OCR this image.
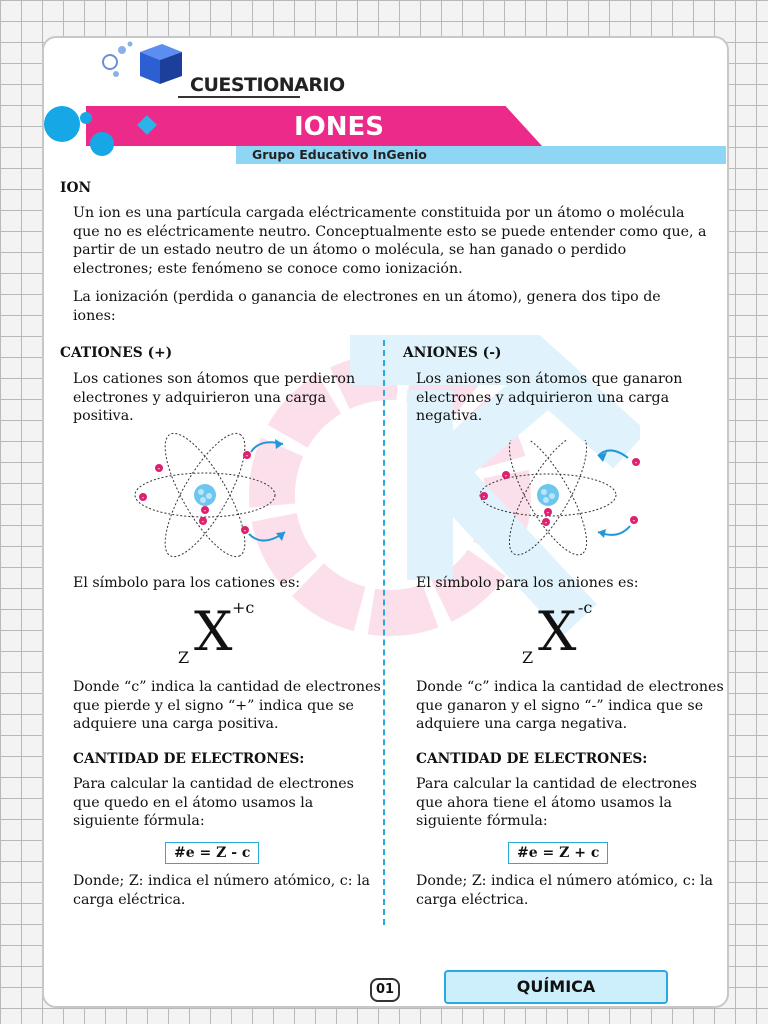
CUESTIONARIO
IONES
Grupo Educativo InGenio
ION
Un ion es una partícula cargada eléctricamente constituida por un átomo o molécula
que no es eléctricamente neutro. Conceptualmente esto se puede entender como que, a
partir de un estado neutro de un átomo o molécula, se han ganado o perdido
electrones; este fenómeno se conoce como ionización.
La ionización (perdida o ganancia de electrones en un átomo), genera dos tipo de
iones:
CATIONES (+)
Los cationes son átomos que perdieron
electrones y adquirieron una carga
positiva.
-
-
-
-
-
-
El símbolo para los cationes es:
Z X +c
Donde “c” indica la cantidad de electrones
que pierde y el signo “+” indica que se
adquiere una carga positiva.
CANTIDAD DE ELECTRONES:
Para calcular la cantidad de electrones
que quedo en el átomo usamos la
siguiente fórmula:
#e = Z - c
Donde; Z: indica el número atómico, c: la
carga eléctrica.
ANIONES (-)
Los aniones son átomos que ganaron
electrones y adquirieron una carga
negativa.
-
-
-
-
-
-
El símbolo para los aniones es:
Z X -c
Donde “c” indica la cantidad de electrones
que ganaron y el signo “-” indica que se
adquiere una carga negativa.
CANTIDAD DE ELECTRONES:
Para calcular la cantidad de electrones
que ahora tiene el átomo usamos la
siguiente fórmula:
#e = Z + c
Donde; Z: indica el número atómico, c: la
carga eléctrica.
01	QUÍMICA
